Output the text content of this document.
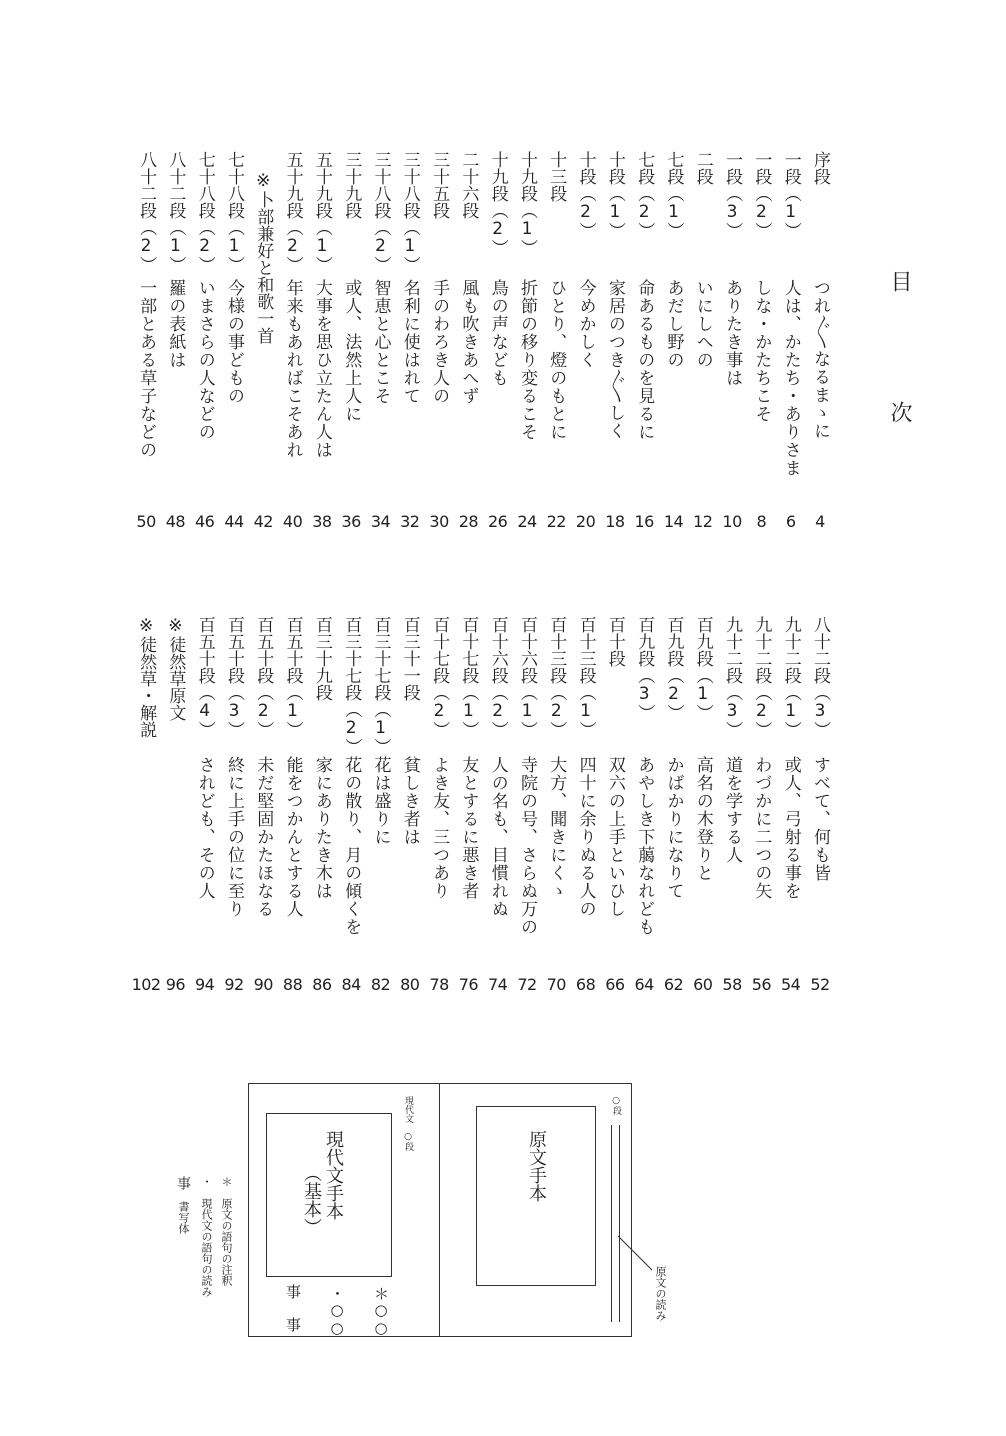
目 次
序段
つれ〴〵なるまゝに
4
一段（1）
人は、かたち・ありさま
6
一段（2）
しな・かたちこそ
8
一段（3）
ありたき事は
10
二段
いにしへの
12
七段（1）
あだし野の
14
七段（2）
命あるものを見るに
16
十段（1）
家居のつき〴〵しく
18
十段（2）
今めかしく
20
十三段
ひとり、燈のもとに
22
十九段（1）
折節の移り変るこそ
24
十九段（2）
鳥の声なども
26
二十六段
風も吹きあへず
28
三十五段
手のわろき人の
30
三十八段（1）
名利に使はれて
32
三十八段（2）
智恵と心とこそ
34
三十九段
或人、法然上人に
36
五十九段（1）
大事を思ひ立たん人は
38
五十九段（2）
年来もあればこそあれ
40
※卜部兼好と和歌一首
42
七十八段（1）
今様の事どもの
44
七十八段（2）
いまさらの人などの
46
八十二段（1）
羅の表紙は
48
八十二段（2）
一部とある草子などの
50
八十二段（3）
すべて、何も皆
52
九十二段（1）
或人、弓射る事を
54
九十二段（2）
わづかに二つの矢
56
九十二段（3）
道を学する人
58
百九段（1）
高名の木登りと
60
百九段（2）
かばかりになりて
62
百九段（3）
あやしき下﨟なれども
64
百十段
双六の上手といひし
66
百十三段（1）
四十に余りぬる人の
68
百十三段（2）
大方、聞きにくゝ
70
百十六段（1）
寺院の号、さらぬ万の
72
百十六段（2）
人の名も、目慣れぬ
74
百十七段（1）
友とするに悪き者
76
百十七段（2）
よき友、三つあり
78
百三十一段
貧しき者は
80
百三十七段（1）
花は盛りに
82
百三十七段（2）
花の散り、月の傾くを
84
百三十九段
家にありたき木は
86
百五十段（1）
能をつかんとする人
88
百五十段（2）
未だ堅固かたほなる
90
百五十段（3）
終に上手の位に至り
92
百五十段（4）
されども、その人
94
※徒然草原文
96
※徒然草・解説
102
○段
原文手本
原文の読み
現代文　○段
現代文手本
（基本）
＊○○
・○○
事 事
＊　原文の語句の注釈
・　現代文の語句の読み
事　書写体
